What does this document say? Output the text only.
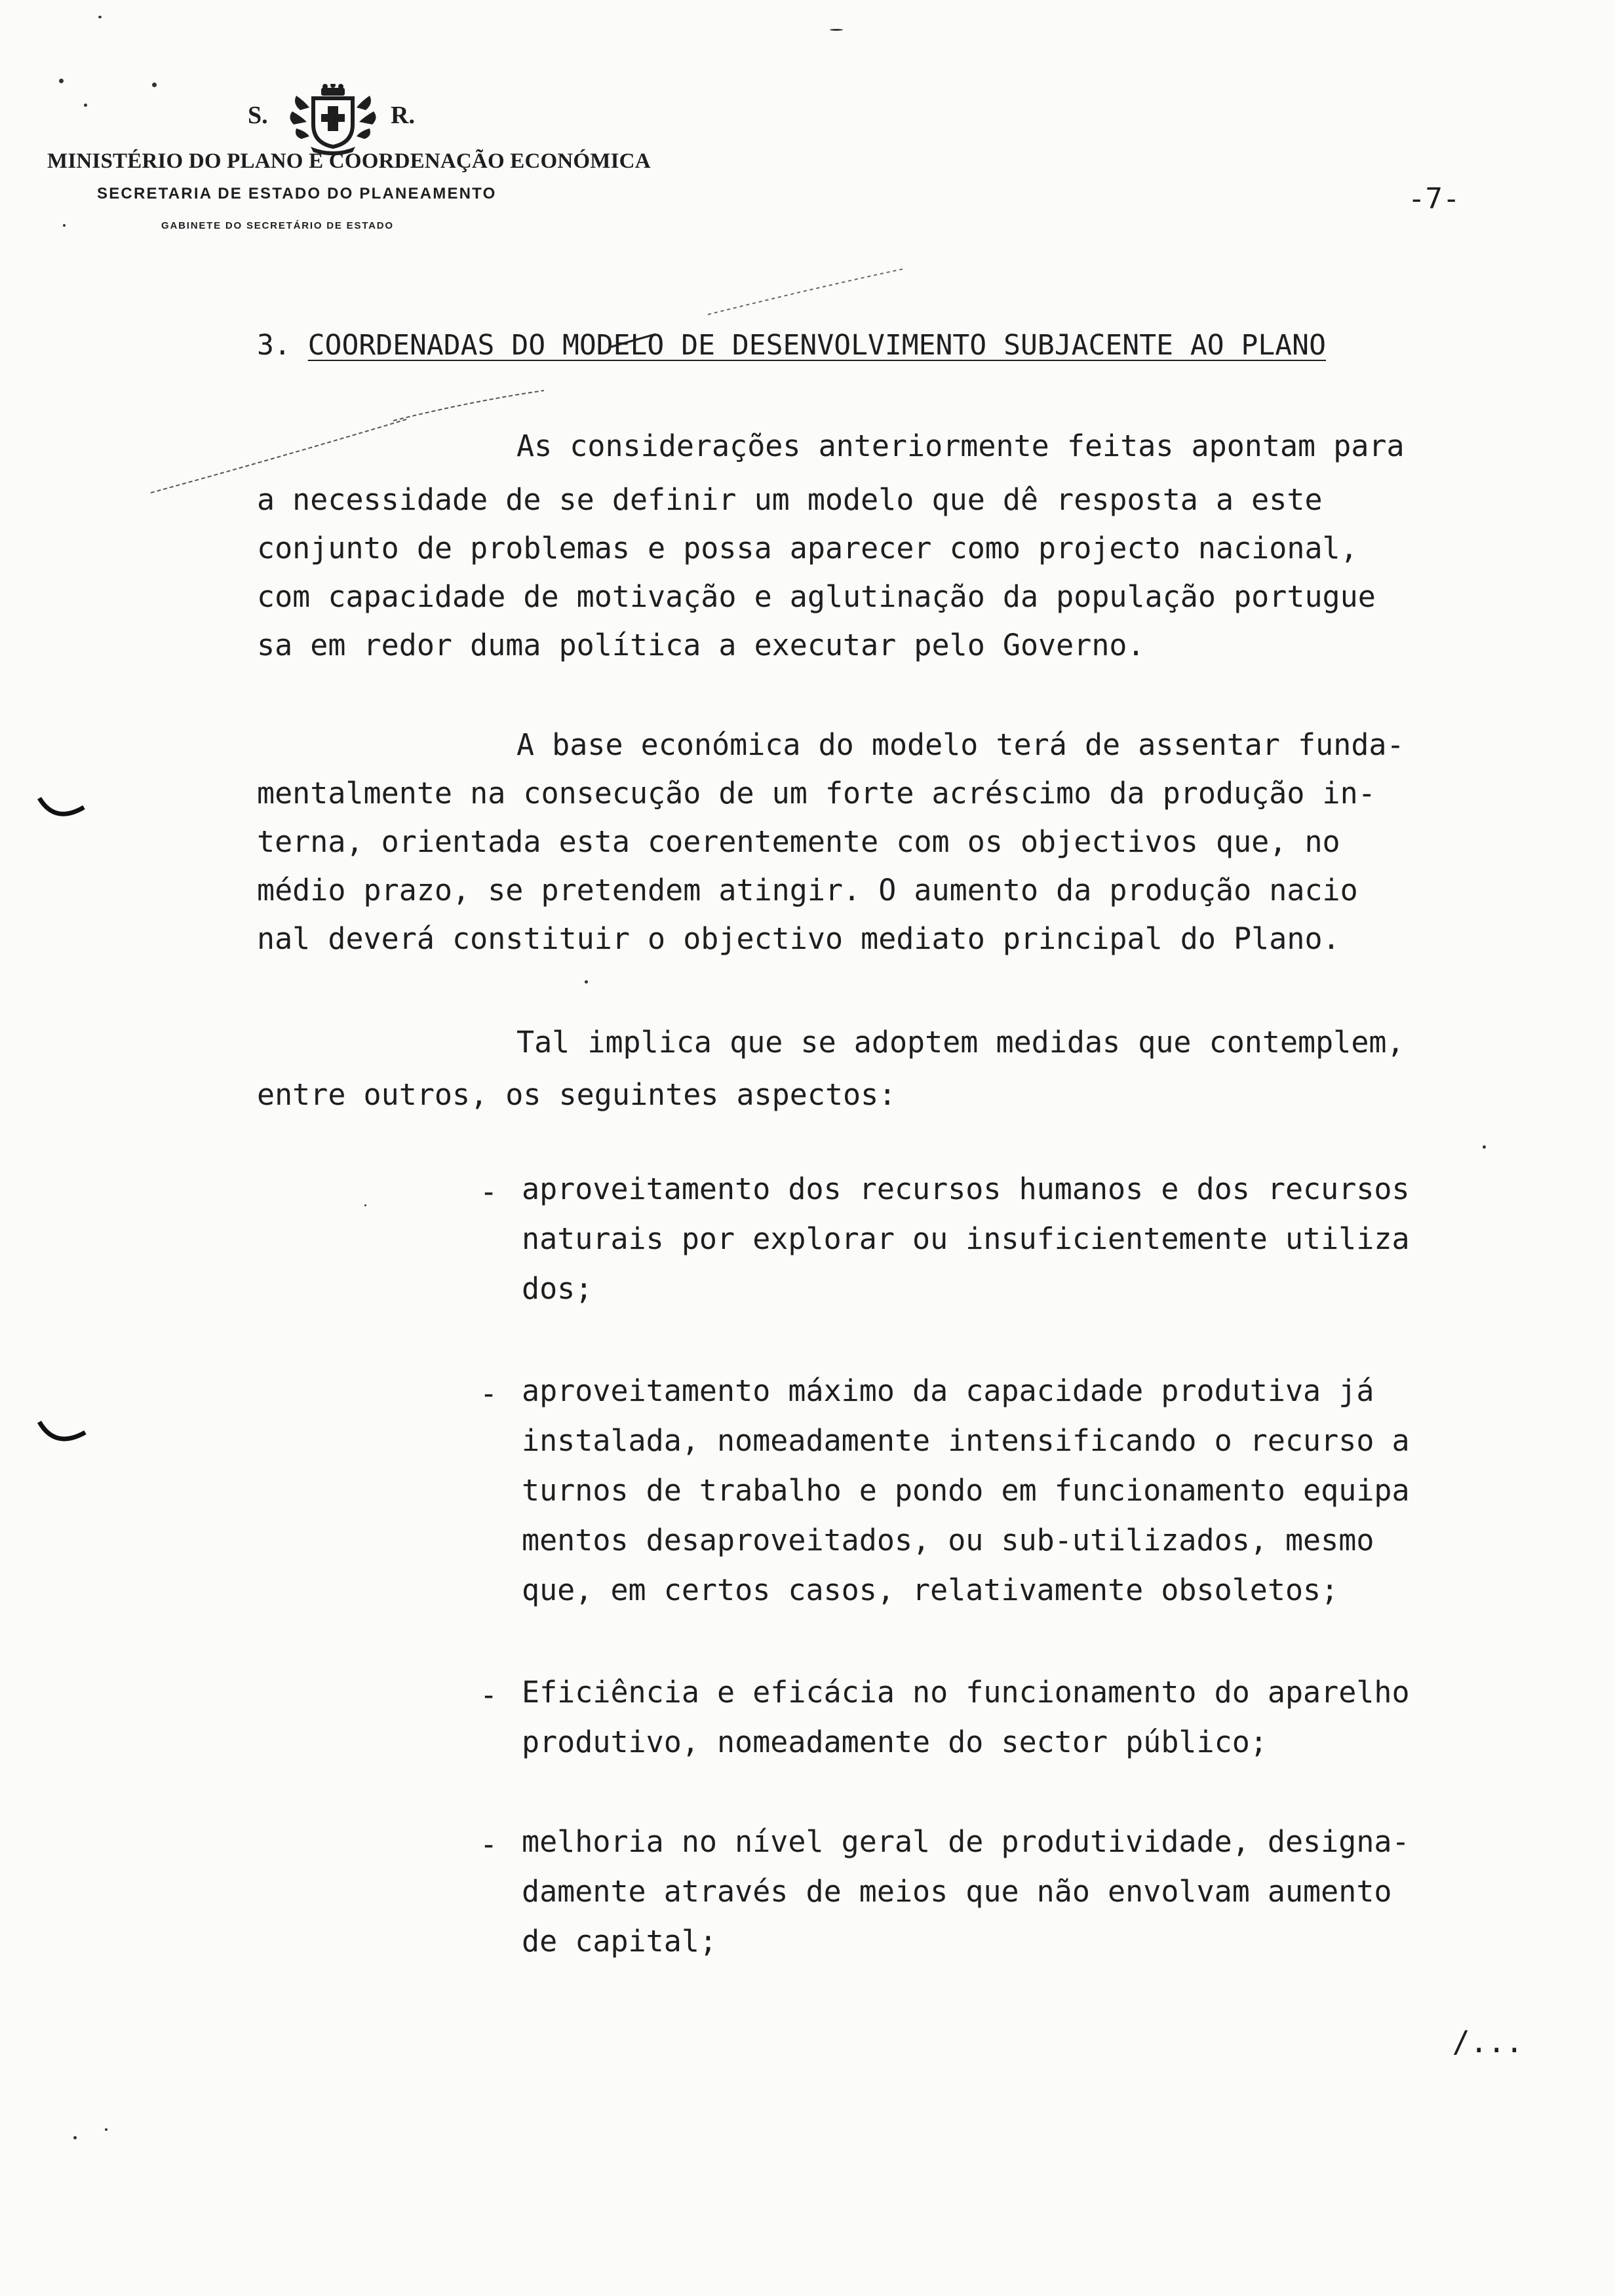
S.	R.
MINISTÉRIO DO PLANO E COORDENAÇÃO ECONÓMICA
SECRETARIA DE ESTADO DO PLANEAMENTO
GABINETE DO SECRETÁRIO DE ESTADO
-7-
3. COORDENADAS DO MODELO DE DESENVOLVIMENTO SUBJACENTE AO PLANO
As considerações anteriormente feitas apontam para
a necessidade de se definir um modelo que dê resposta a este
conjunto de problemas e possa aparecer como projecto nacional,
com capacidade de motivação e aglutinação da população portugue
sa em redor duma política a executar pelo Governo.
A base económica do modelo terá de assentar funda-
mentalmente na consecução de um forte acréscimo da produção in-
terna, orientada esta coerentemente com os objectivos que, no
médio prazo, se pretendem atingir. O aumento da produção nacio
nal deverá constituir o objectivo mediato principal do Plano.
Tal implica que se adoptem medidas que contemplem,
entre outros, os seguintes aspectos:
- aproveitamento dos recursos humanos e dos recursos
naturais por explorar ou insuficientemente utiliza
dos;
- aproveitamento máximo da capacidade produtiva já
instalada, nomeadamente intensificando o recurso a
turnos de trabalho e pondo em funcionamento equipa
mentos desaproveitados, ou sub-utilizados, mesmo
que, em certos casos, relativamente obsoletos;
- Eficiência e eficácia no funcionamento do aparelho
produtivo, nomeadamente do sector público;
- melhoria no nível geral de produtividade, designa-
damente através de meios que não envolvam aumento
de capital;
/...
